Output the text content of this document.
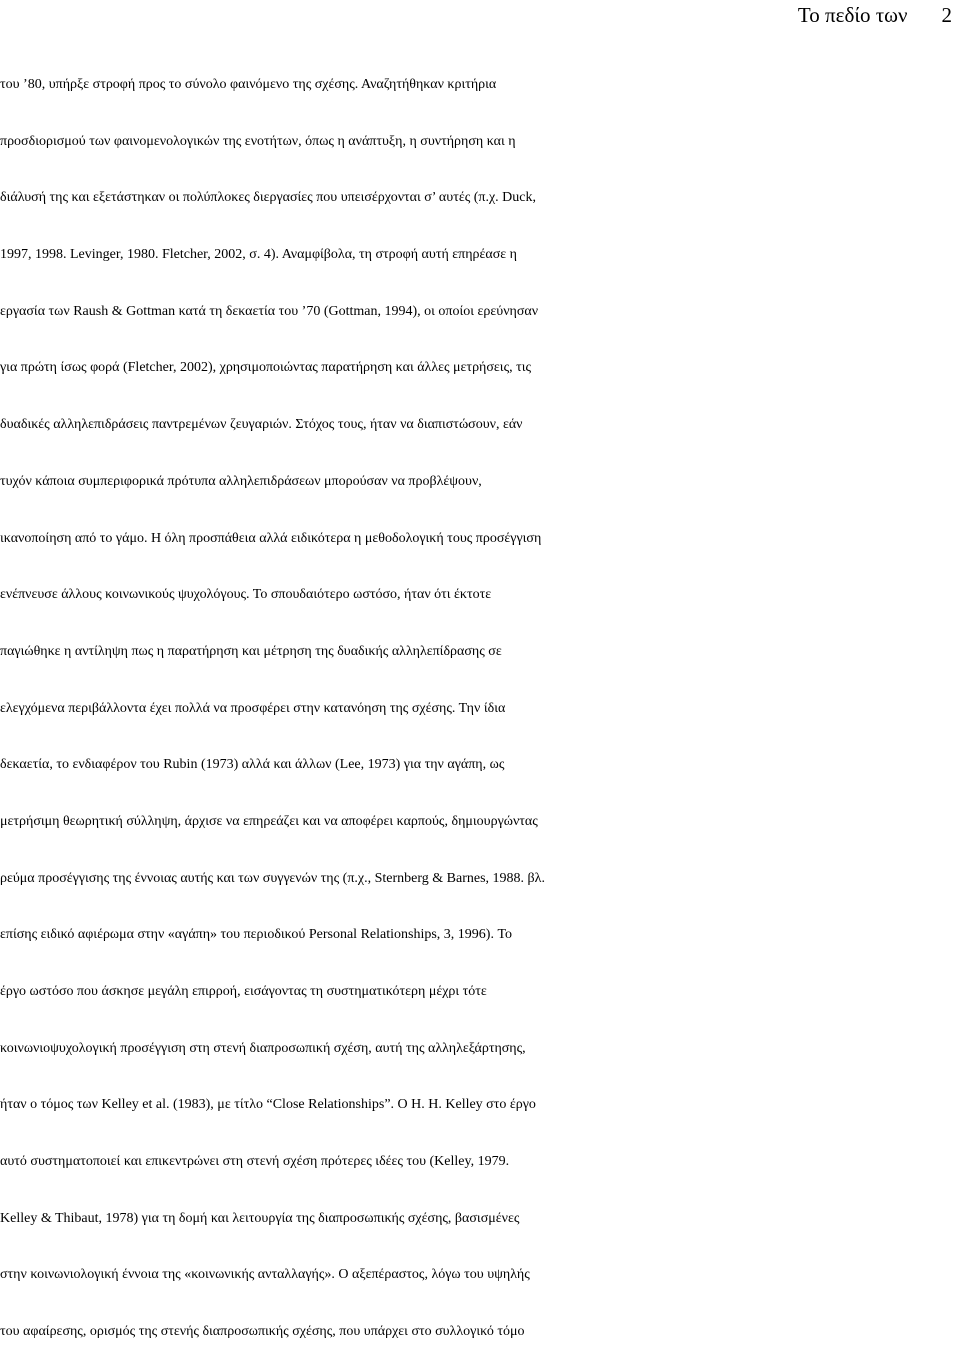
Το πεδίο των 2
του ’80, υπήρξε στροφή προς το σύνολο φαινόμενο της σχέσης. Αναζητήθηκαν κριτήρια
προσδιορισμού των φαινομενολογικών της ενοτήτων, όπως η ανάπτυξη, η συντήρηση και η
διάλυσή της και εξετάστηκαν οι πολύπλοκες διεργασίες που υπεισέρχονται σ’ αυτές (π.χ. Duck,
1997, 1998. Levinger, 1980. Fletcher, 2002, σ. 4). Αναμφίβολα, τη στροφή αυτή επηρέασε η
εργασία των Raush & Gottman κατά τη δεκαετία του ’70 (Gottman, 1994), οι οποίοι ερεύνησαν
για πρώτη ίσως φορά (Fletcher, 2002), χρησιμοποιώντας παρατήρηση και άλλες μετρήσεις, τις
δυαδικές αλληλεπιδράσεις παντρεμένων ζευγαριών. Στόχος τους, ήταν να διαπιστώσουν, εάν
τυχόν κάποια συμπεριφορικά πρότυπα αλληλεπιδράσεων μπορούσαν να προβλέψουν,
ικανοποίηση από το γάμο. Η όλη προσπάθεια αλλά ειδικότερα η μεθοδολογική τους προσέγγιση
ενέπνευσε άλλους κοινωνικούς ψυχολόγους. Το σπουδαιότερο ωστόσο, ήταν ότι έκτοτε
παγιώθηκε η αντίληψη πως η παρατήρηση και μέτρηση της δυαδικής αλληλεπίδρασης σε
ελεγχόμενα περιβάλλοντα έχει πολλά να προσφέρει στην κατανόηση της σχέσης. Την ίδια
δεκαετία, το ενδιαφέρον του Rubin (1973) αλλά και άλλων (Lee, 1973) για την αγάπη, ως
μετρήσιμη θεωρητική σύλληψη, άρχισε να επηρεάζει και να αποφέρει καρπούς, δημιουργώντας
ρεύμα προσέγγισης της έννοιας αυτής και των συγγενών της (π.χ., Sternberg & Barnes, 1988. βλ.
επίσης ειδικό αφιέρωμα στην «αγάπη» του περιοδικού Personal Relationships, 3, 1996). Το
έργο ωστόσο που άσκησε μεγάλη επιρροή, εισάγοντας τη συστηματικότερη μέχρι τότε
κοινωνιοψυχολογική προσέγγιση στη στενή διαπροσωπική σχέση, αυτή της αλληλεξάρτησης,
ήταν ο τόμος των Kelley et al. (1983), με τίτλο “Close Relationships”. Ο H. H. Kelley στο έργο
αυτό συστηματοποιεί και επικεντρώνει στη στενή σχέση πρότερες ιδέες του (Kelley, 1979.
Kelley & Thibaut, 1978) για τη δομή και λειτουργία της διαπροσωπικής σχέσης, βασισμένες
στην κοινωνιολογική έννοια της «κοινωνικής ανταλλαγής». Ο αξεπέραστος, λόγω του υψηλής
του αφαίρεσης, ορισμός της στενής διαπροσωπικής σχέσης, που υπάρχει στο συλλογικό τόμο
